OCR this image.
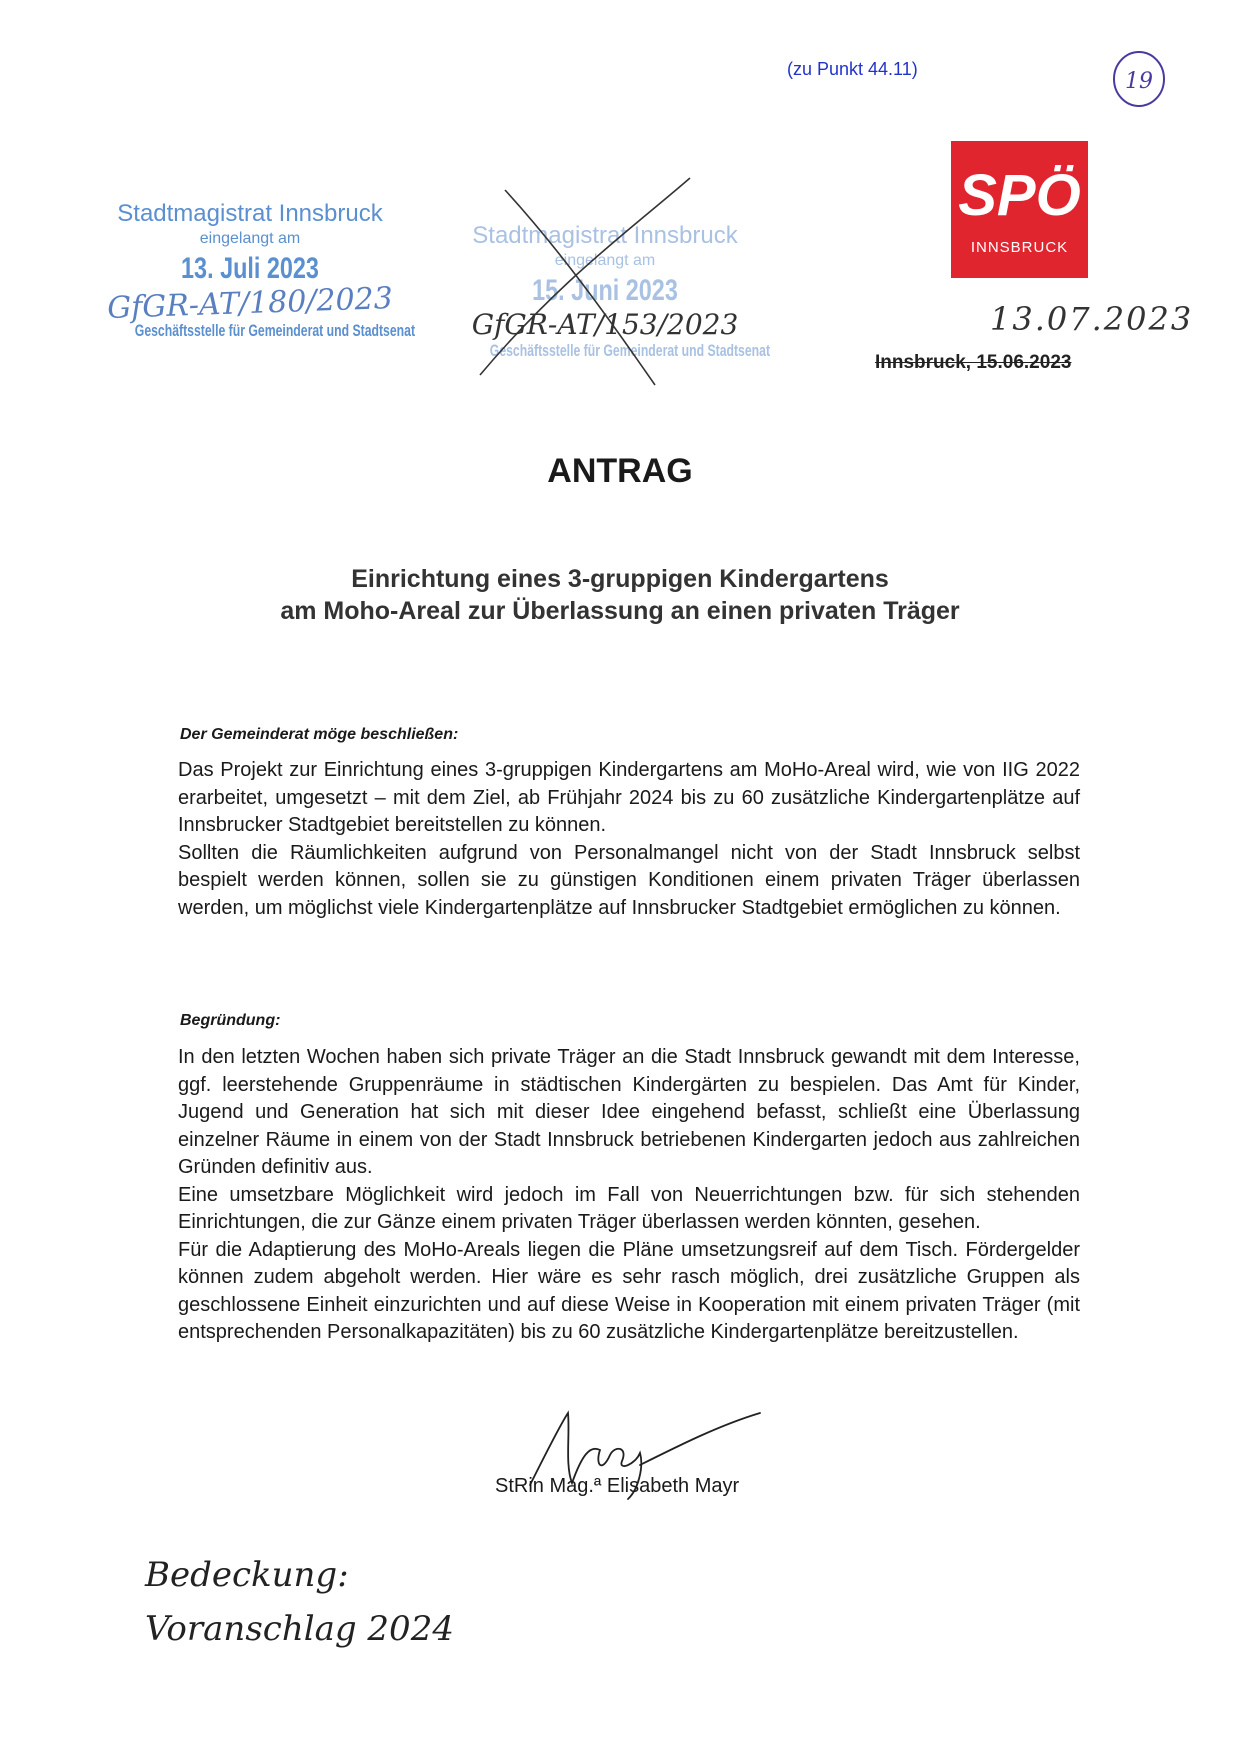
(zu Punkt 44.11)	19
Stadtmagistrat Innsbruck
eingelangt am
13. Juli 2023
GfGR-AT/180/2023
Geschäftsstelle für Gemeinderat und Stadtsenat
Stadtmagistrat Innsbruck
eingelangt am
15. Juni 2023
GfGR-AT/153/2023
Geschäftsstelle für Gemeinderat und Stadtsenat
SPÖ
INNSBRUCK
13.07.2023
Innsbruck, 15.06.2023
ANTRAG
Einrichtung eines 3-gruppigen Kindergartens
am Moho-Areal zur Überlassung an einen privaten Träger
Der Gemeinderat möge beschließen:

Das Projekt zur Einrichtung eines 3-gruppigen Kindergartens am MoHo-Areal wird, wie von IIG 2022 erarbeitet, umgesetzt – mit dem Ziel, ab Frühjahr 2024 bis zu 60 zusätzliche Kindergartenplätze auf Innsbrucker Stadtgebiet bereitstellen zu können.

Sollten die Räumlichkeiten aufgrund von Personalmangel nicht von der Stadt Innsbruck selbst bespielt werden können, sollen sie zu günstigen Konditionen einem privaten Träger überlassen werden, um möglichst viele Kindergartenplätze auf Innsbrucker Stadtgebiet ermöglichen zu können.

Begründung:

In den letzten Wochen haben sich private Träger an die Stadt Innsbruck gewandt mit dem Interesse, ggf. leerstehende Gruppenräume in städtischen Kindergärten zu bespielen. Das Amt für Kinder, Jugend und Generation hat sich mit dieser Idee eingehend befasst, schließt eine Überlassung einzelner Räume in einem von der Stadt Innsbruck betriebenen Kindergarten jedoch aus zahlreichen Gründen definitiv aus.

Eine umsetzbare Möglichkeit wird jedoch im Fall von Neuerrichtungen bzw. für sich stehenden Einrichtungen, die zur Gänze einem privaten Träger überlassen werden könnten, gesehen.

Für die Adaptierung des MoHo-Areals liegen die Pläne umsetzungsreif auf dem Tisch. Fördergelder können zudem abgeholt werden. Hier wäre es sehr rasch möglich, drei zusätzliche Gruppen als geschlossene Einheit einzurichten und auf diese Weise in Kooperation mit einem privaten Träger (mit entsprechenden Personalkapazitäten) bis zu 60 zusätzliche Kindergartenplätze bereitzustellen.

StRin Mag.ª Elisabeth Mayr
Bedeckung:
Voranschlag 2024
